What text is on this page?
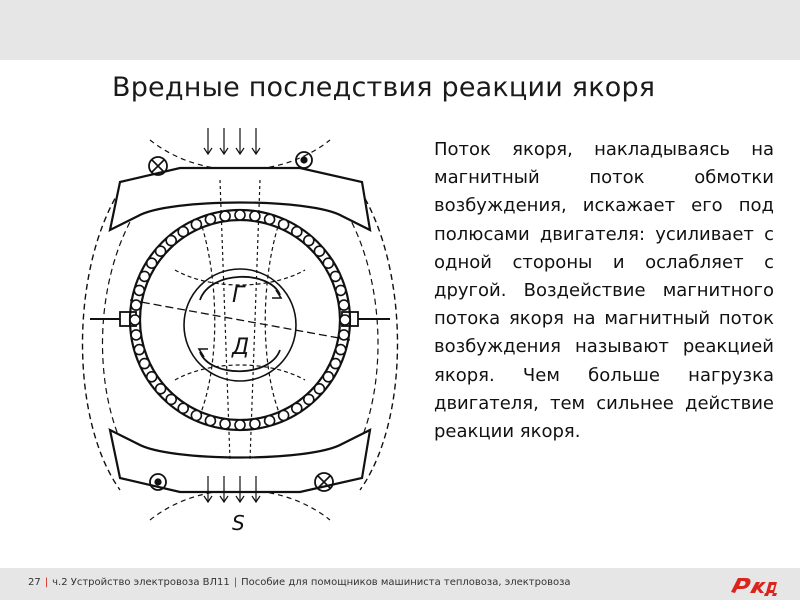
Вредные последствия реакции якоря
Г
Д
S
Поток якоря, накладываясь на магнитный поток обмотки возбуждения, искажает его под полюсами двигателя: усиливает с одной стороны и ослабляет с другой. Воздействие магнитного потока якоря на магнитный поток возбуждения называют реакцией якоря. Чем больше нагрузка двигателя, тем сильнее действие реакции якоря.
27 | ч.2 Устройство электровоза ВЛ11 | Пособие для помощников машиниста тепловоза, электровоза
